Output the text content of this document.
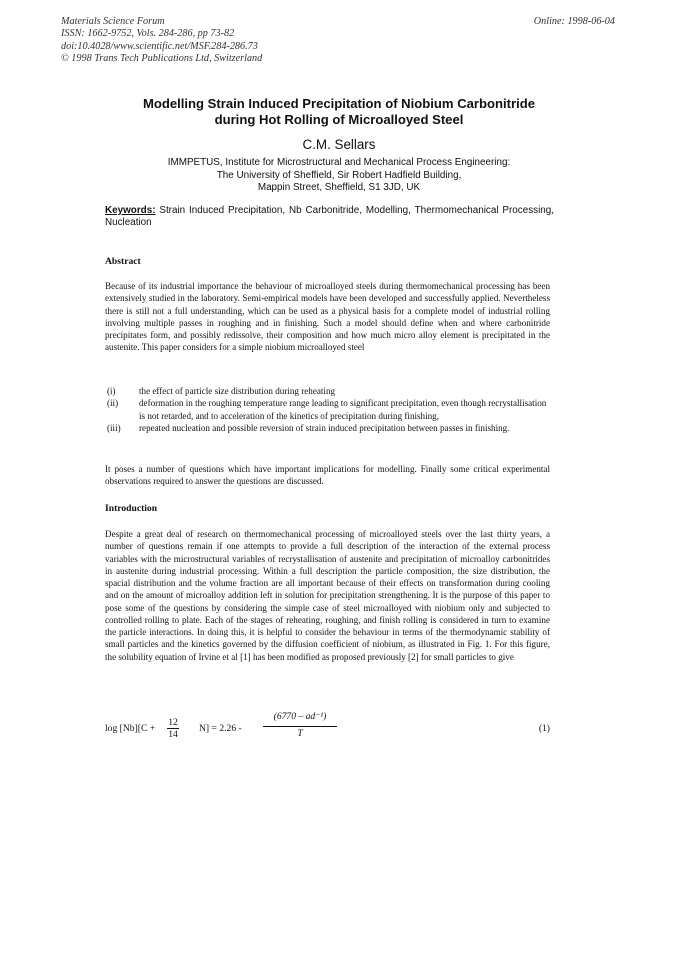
Materials Science Forum
ISSN: 1662-9752, Vols. 284-286, pp 73-82
doi:10.4028/www.scientific.net/MSF.284-286.73
© 1998 Trans Tech Publications Ltd, Switzerland
Online: 1998-06-04
Modelling Strain Induced Precipitation of Niobium Carbonitride
during Hot Rolling of Microalloyed Steel
C.M. Sellars
IMMPETUS, Institute for Microstructural and Mechanical Process Engineering:
The University of Sheffield, Sir Robert Hadfield Building,
Mappin Street, Sheffield, S1 3JD, UK
Keywords: Strain Induced Precipitation, Nb Carbonitride, Modelling, Thermomechanical Processing, Nucleation
Abstract
Because of its industrial importance the behaviour of microalloyed steels during thermomechanical processing has been extensively studied in the laboratory. Semi-empirical models have been developed and successfully applied. Nevertheless there is still not a full understanding, which can be used as a physical basis for a complete model of industrial rolling involving multiple passes in roughing and in finishing. Such a model should define when and where carbonitride precipitates form, and possibly redissolve, their composition and how much micro alloy element is precipitated in the austenite. This paper considers for a simple niobium microalloyed steel
(i)	the effect of particle size distribution during reheating
(ii)	deformation in the roughing temperature range leading to significant precipitation, even though recrystallisation is not retarded, and to acceleration of the kinetics of precipitation during finishing,
(iii)	repeated nucleation and possible reversion of strain induced precipitation between passes in finishing.
It poses a number of questions which have important implications for modelling. Finally some critical experimental observations required to answer the questions are discussed.
Introduction
Despite a great deal of research on thermomechanical processing of microalloyed steels over the last thirty years, a number of questions remain if one attempts to provide a full description of the interaction of the external process variables with the microstructural variables of recrystallisation of austenite and precipitation of microalloy carbonitrides in austenite during industrial processing. Within a full description the particle composition, the size distribution, the spacial distribution and the volume fraction are all important because of their effects on transformation during cooling and on the amount of microalloy addition left in solution for precipitation strengthening. It is the purpose of this paper to pose some of the questions by considering the simple case of steel microalloyed with niobium only and subjected to controlled rolling to plate. Each of the stages of reheating, roughing, and finish rolling is considered in turn to examine the particle interactions. In doing this, it is helpful to consider the behaviour in terms of the thermodynamic stability of small particles and the kinetics governed by the diffusion coefficient of niobium, as illustrated in Fig. 1. For this figure, the solubility equation of Irvine et al [1] has been modified as proposed previously [2] for small particles to give
log [Nb][C +
12
14
N] = 2.26 -
(6770 – ad⁻¹)
T	(1)
